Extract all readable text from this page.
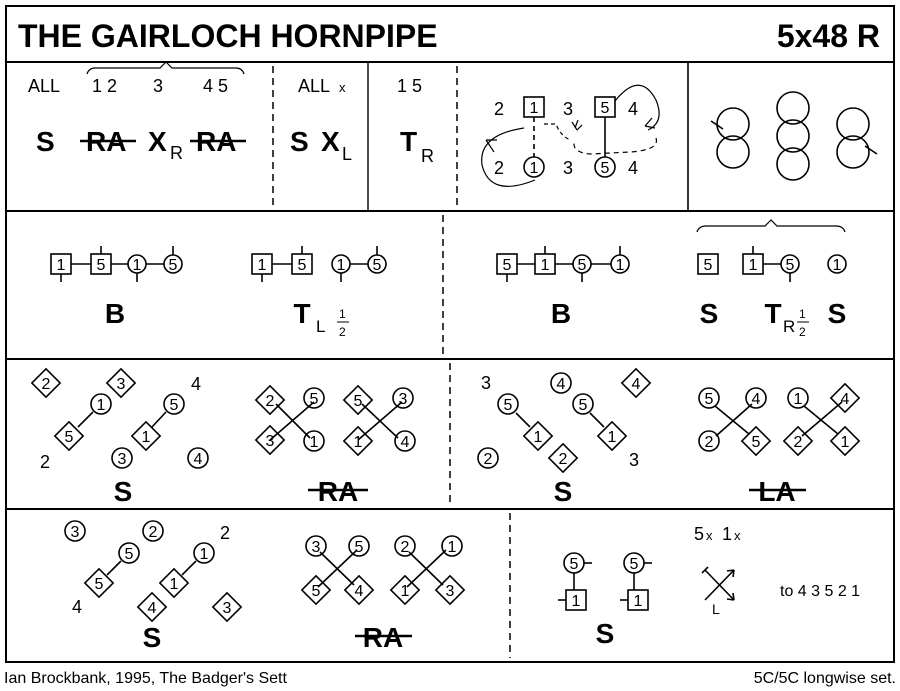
THE GAIRLOCH HORNPIPE	5x48 R
ALL 1 2 3 4 5
S RA X R RA
ALL x
S X L
1 5
T R
2 1 3 5 4
2 1 3 5 4
1 5 1 5
B
1 5 1 5
T L
1
2
5 1 5 1
B
5 1 5 1
S T R
1
2
S
2	3
5
1	5
1
3	4
4
2
S
2 5
3 1
5 3
1 4
RA
3	4	4
5
1
5
1
2	2	3
S
5 4 1 4
2 5 2 1
LA
3	2	2
5	1
5	1
4	3
4
S
3 5 2 1
5 4 1 3
RA
5
1
5
1
S
5 x 1 x
L
to 4 3 5 2 1
Ian Brockbank, 1995, The Badger's Sett	5C/5C longwise set.
